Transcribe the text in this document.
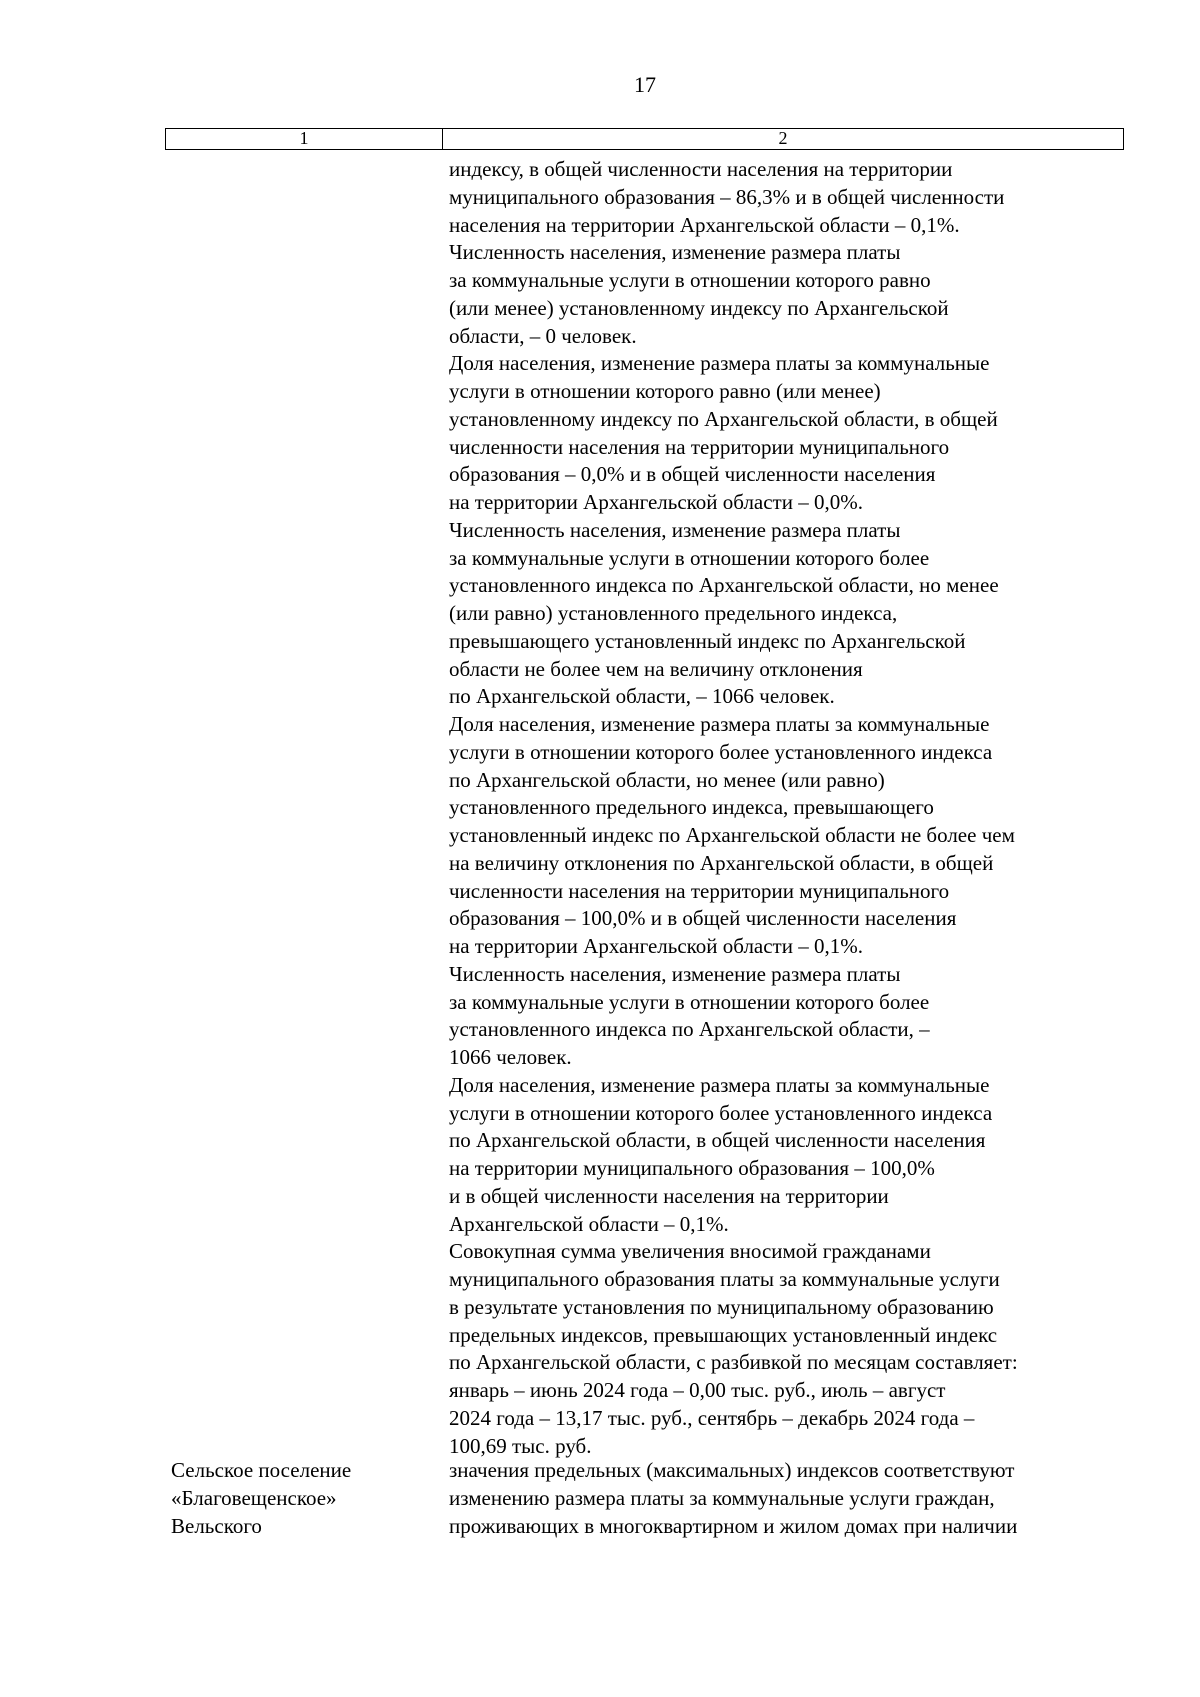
17
1	2
индексу, в общей численности населения на территории
муниципального образования – 86,3% и в общей численности
населения на территории Архангельской области – 0,1%.
Численность населения, изменение размера платы
за коммунальные услуги в отношении которого равно
(или менее) установленному индексу по Архангельской
области, – 0 человек.
Доля населения, изменение размера платы за коммунальные
услуги в отношении которого равно (или менее)
установленному индексу по Архангельской области, в общей
численности населения на территории муниципального
образования – 0,0% и в общей численности населения
на территории Архангельской области – 0,0%.
Численность населения, изменение размера платы
за коммунальные услуги в отношении которого более
установленного индекса по Архангельской области, но менее
(или равно) установленного предельного индекса,
превышающего установленный индекс по Архангельской
области не более чем на величину отклонения
по Архангельской области, – 1066 человек.
Доля населения, изменение размера платы за коммунальные
услуги в отношении которого более установленного индекса
по Архангельской области, но менее (или равно)
установленного предельного индекса, превышающего
установленный индекс по Архангельской области не более чем
на величину отклонения по Архангельской области, в общей
численности населения на территории муниципального
образования – 100,0% и в общей численности населения
на территории Архангельской области – 0,1%.
Численность населения, изменение размера платы
за коммунальные услуги в отношении которого более
установленного индекса по Архангельской области, –
1066 человек.
Доля населения, изменение размера платы за коммунальные
услуги в отношении которого более установленного индекса
по Архангельской области, в общей численности населения
на территории муниципального образования – 100,0%
и в общей численности населения на территории
Архангельской области – 0,1%.
Совокупная сумма увеличения вносимой гражданами
муниципального образования платы за коммунальные услуги
в результате установления по муниципальному образованию
предельных индексов, превышающих установленный индекс
по Архангельской области, с разбивкой по месяцам составляет:
январь – июнь 2024 года – 0,00 тыс. руб., июль – август
2024 года – 13,17 тыс. руб., сентябрь – декабрь 2024 года –
100,69 тыс. руб.
Сельское поселение
«Благовещенское»
Вельского
значения предельных (максимальных) индексов соответствуют
изменению размера платы за коммунальные услуги граждан,
проживающих в многоквартирном и жилом домах при наличии
